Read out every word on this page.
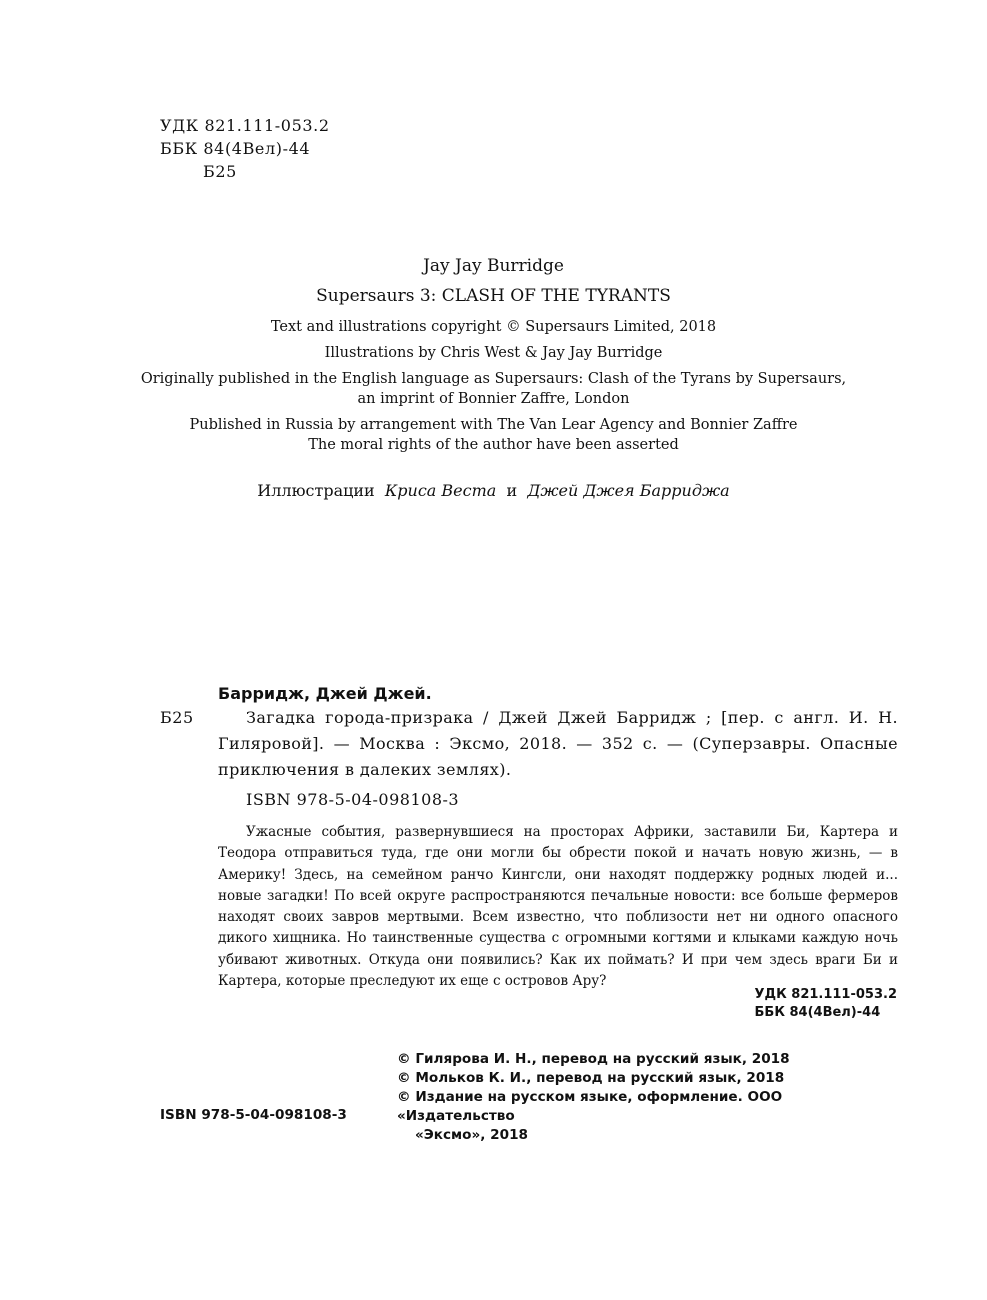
УДК 821.111-053.2
ББК 84(4Вел)-44
Б25
Jay Jay Burridge
Supersaurs 3: CLASH OF THE TYRANTS
Text and illustrations copyright © Supersaurs Limited, 2018
Illustrations by Chris West & Jay Jay Burridge
Originally published in the English language as Supersaurs: Clash of the Tyrans by Supersaurs,
an imprint of Bonnier Zaffre, London
Published in Russia by arrangement with The Van Lear Agency and Bonnier Zaffre
The moral rights of the author have been asserted
Иллюстрации Криса Веста и Джей Джея Барриджа
Барридж, Джей Джей.
Б25	Загадка города-призрака / Джей Джей Барридж ; [пер. с англ. И. Н. Гиляровой]. — Москва : Эксмо, 2018. — 352 с. — (Суперзавры. Опасные приключения в далеких землях).
ISBN 978-5-04-098108-3

Ужасные события, развернувшиеся на просторах Африки, заставили Би, Картера и Теодора отправиться туда, где они могли бы обрести покой и начать новую жизнь, — в Америку! Здесь, на семейном ранчо Кингсли, они находят поддержку родных людей и... новые загадки! По всей округе распространяются печальные новости: все больше фермеров находят своих завров мертвыми. Всем известно, что поблизости нет ни одного опасного дикого хищника. Но таинственные существа с огромными когтями и клыками каждую ночь убивают животных. Откуда они появились? Как их поймать? И при чем здесь враги Би и Картера, которые преследуют их еще с островов Ару?

УДК 821.111-053.2
ББК 84(4Вел)-44
© Гилярова И. Н., перевод на русский язык, 2018
© Мольков К. И., перевод на русский язык, 2018
© Издание на русском языке, оформление. ООО «Издательство
«Эксмо», 2018
ISBN 978-5-04-098108-3
